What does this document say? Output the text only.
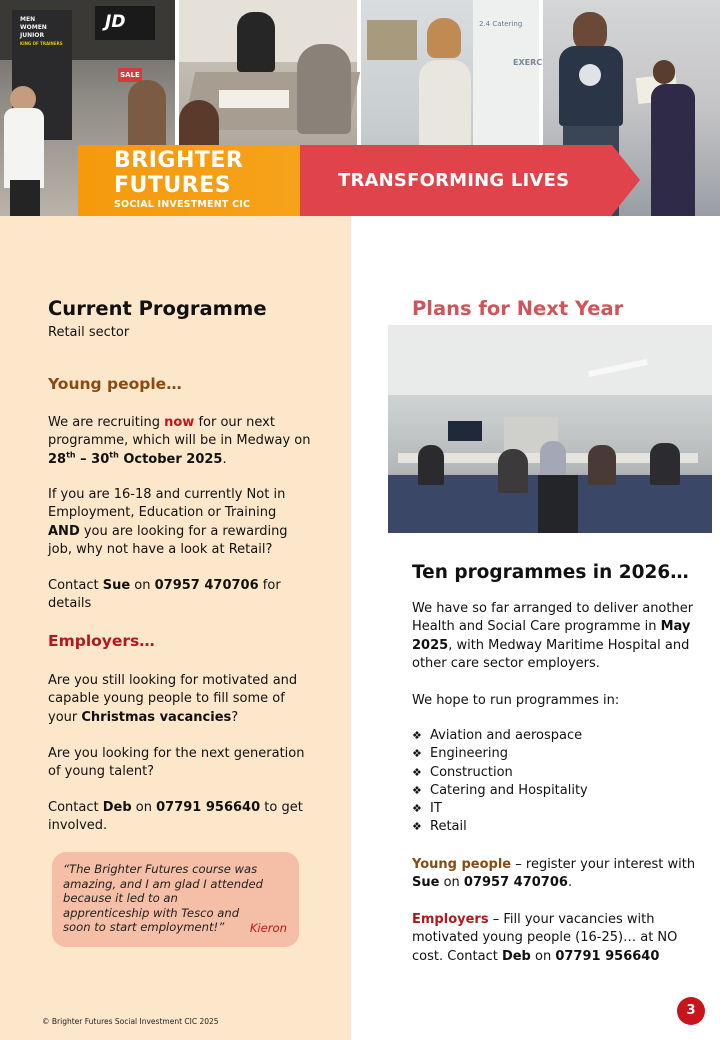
MEN
WOMEN
JUNIOR
KING OF TRAINERS
JD
SALE
2.4 Catering
EXERC
BRIGHTER
FUTURES
SOCIAL INVESTMENT CIC
TRANSFORMING LIVES
Current Programme
Retail sector
Young people…
We are recruiting now for our next programme, which will be in Medway on 28th – 30th October 2025.
If you are 16-18 and currently Not in Employment, Education or Training AND you are looking for a rewarding job, why not have a look at Retail?
Contact Sue on 07957 470706 for details
Employers…
Are you still looking for motivated and capable young people to fill some of your Christmas vacancies?
Are you looking for the next generation of young talent?
Contact Deb on 07791 956640 to get involved.
“The Brighter Futures course was amazing, and I am glad I attended because it led to an apprenticeship with Tesco and soon to start employment!”	Kieron
© Brighter Futures Social Investment CIC 2025
Plans for Next Year
Ten programmes in 2026…
We have so far arranged to deliver another Health and Social Care programme in May 2025, with Medway Maritime Hospital and other care sector employers.
We hope to run programmes in:
❖ Aviation and aerospace
❖ Engineering
❖ Construction
❖ Catering and Hospitality
❖ IT
❖ Retail
Young people – register your interest with Sue on 07957 470706.
Employers – Fill your vacancies with motivated young people (16-25)… at NO cost. Contact Deb on 07791 956640
3
